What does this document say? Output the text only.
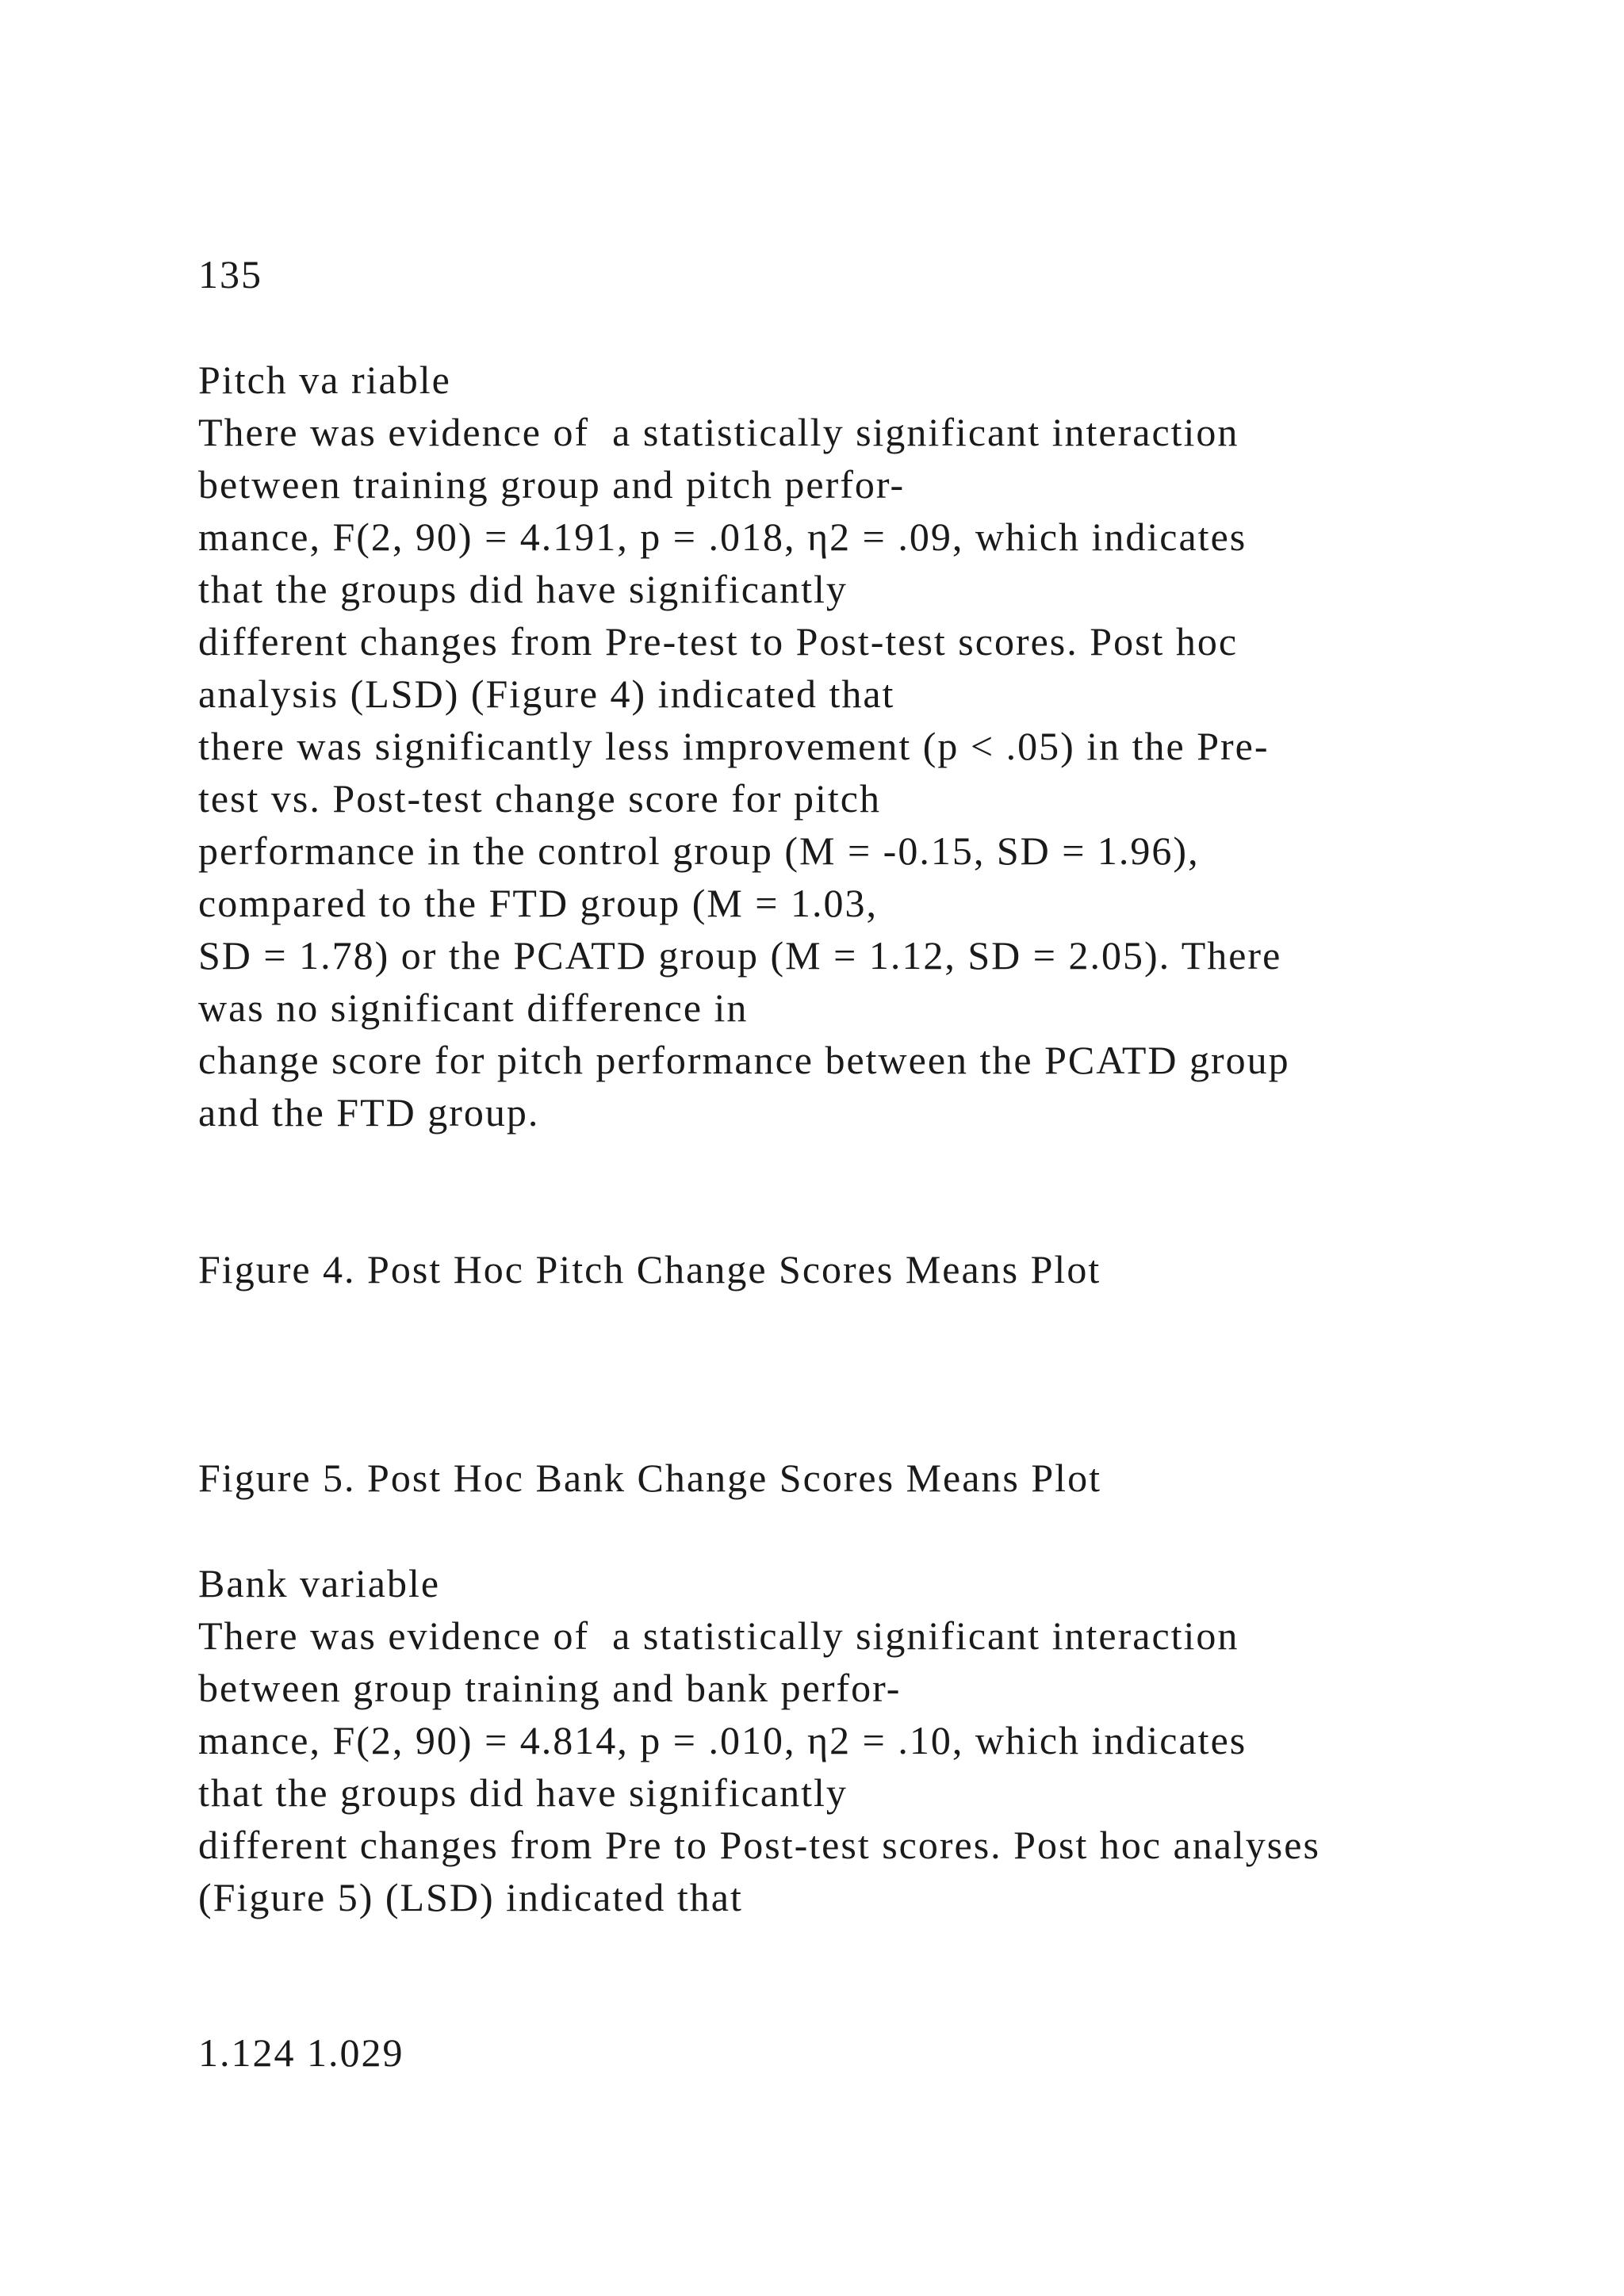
135
Pitch va riable
There was evidence of  a statistically significant interaction
between training group and pitch perfor-
mance, F(2, 90) = 4.191, p = .018, η2 = .09, which indicates
that the groups did have significantly
different changes from Pre-test to Post-test scores. Post hoc
analysis (LSD) (Figure 4) indicated that
there was significantly less improvement (p < .05) in the Pre-
test vs. Post-test change score for pitch
performance in the control group (M = -0.15, SD = 1.96),
compared to the FTD group (M = 1.03,
SD = 1.78) or the PCATD group (M = 1.12, SD = 2.05). There
was no significant difference in
change score for pitch performance between the PCATD group
and the FTD group.
Figure 4. Post Hoc Pitch Change Scores Means Plot
Figure 5. Post Hoc Bank Change Scores Means Plot
Bank variable
There was evidence of  a statistically significant interaction
between group training and bank perfor-
mance, F(2, 90) = 4.814, p = .010, η2 = .10, which indicates
that the groups did have significantly
different changes from Pre to Post-test scores. Post hoc analyses
(Figure 5) (LSD) indicated that
1.124 1.029
